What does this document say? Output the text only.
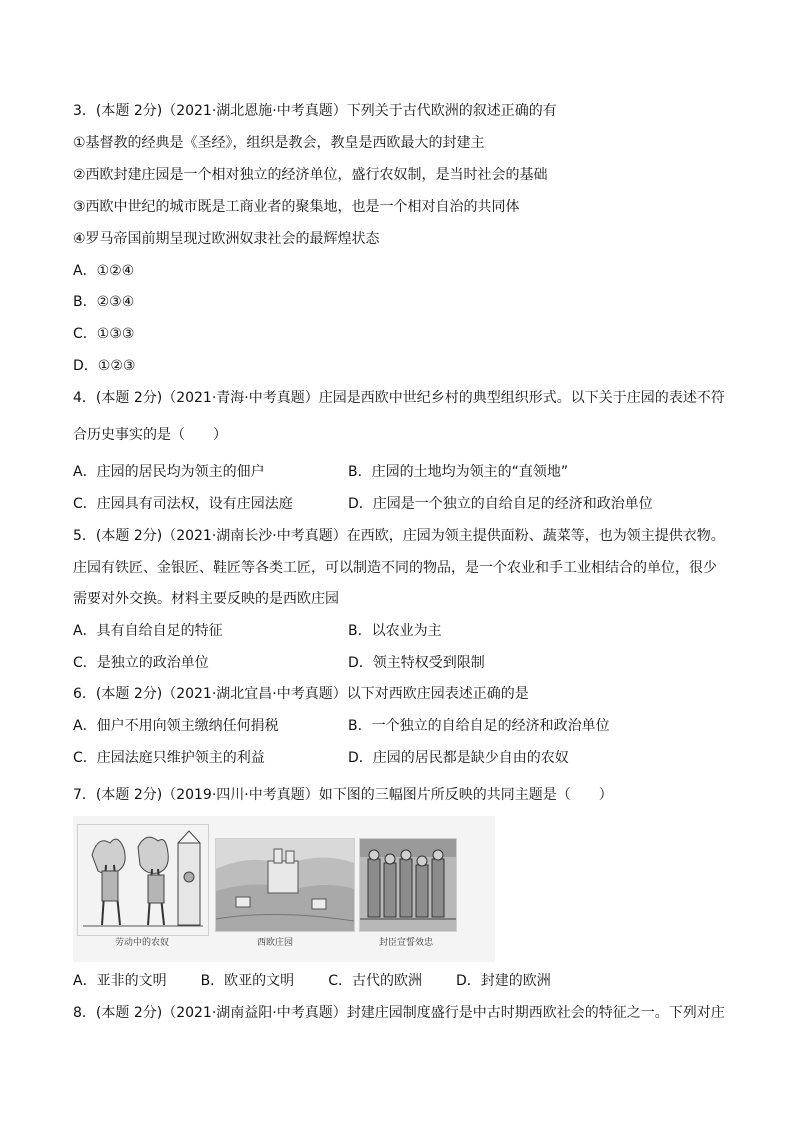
3．(本题 2分)（2021·湖北恩施·中考真题）下列关于古代欧洲的叙述正确的有
①基督教的经典是《圣经》，组织是教会，教皇是西欧最大的封建主
②西欧封建庄园是一个相对独立的经济单位，盛行农奴制，是当时社会的基础
③西欧中世纪的城市既是工商业者的聚集地，也是一个相对自治的共同体
④罗马帝国前期呈现过欧洲奴隶社会的最辉煌状态
A．①②④
B．②③④
C．①③③
D．①②③
4．(本题 2分)（2021·青海·中考真题）庄园是西欧中世纪乡村的典型组织形式。以下关于庄园的表述不符
合历史事实的是（　　）
A．庄园的居民均为领主的佃户	B．庄园的土地均为领主的“直领地”
C．庄园具有司法权，设有庄园法庭	D．庄园是一个独立的自给自足的经济和政治单位
5．(本题 2分)（2021·湖南长沙·中考真题）在西欧，庄园为领主提供面粉、蔬菜等，也为领主提供衣物。
庄园有铁匠、金银匠、鞋匠等各类工匠，可以制造不同的物品，是一个农业和手工业相结合的单位，很少
需要对外交换。材料主要反映的是西欧庄园
A．具有自给自足的特征	B．以农业为主
C．是独立的政治单位	D．领主特权受到限制
6．(本题 2分)（2021·湖北宜昌·中考真题）以下对西欧庄园表述正确的是
A．佃户不用向领主缴纳任何捐税	B．一个独立的自给自足的经济和政治单位
C．庄园法庭只维护领主的利益	D．庄园的居民都是缺少自由的农奴
7．(本题 2分)（2019·四川·中考真题）如下图的三幅图片所反映的共同主题是（　　）
劳动中的农奴	西欧庄园	封臣宣誓效忠
A．亚非的文明 B．欧亚的文明 C．古代的欧洲 D．封建的欧洲
8．(本题 2分)（2021·湖南益阳·中考真题）封建庄园制度盛行是中古时期西欧社会的特征之一。下列对庄
